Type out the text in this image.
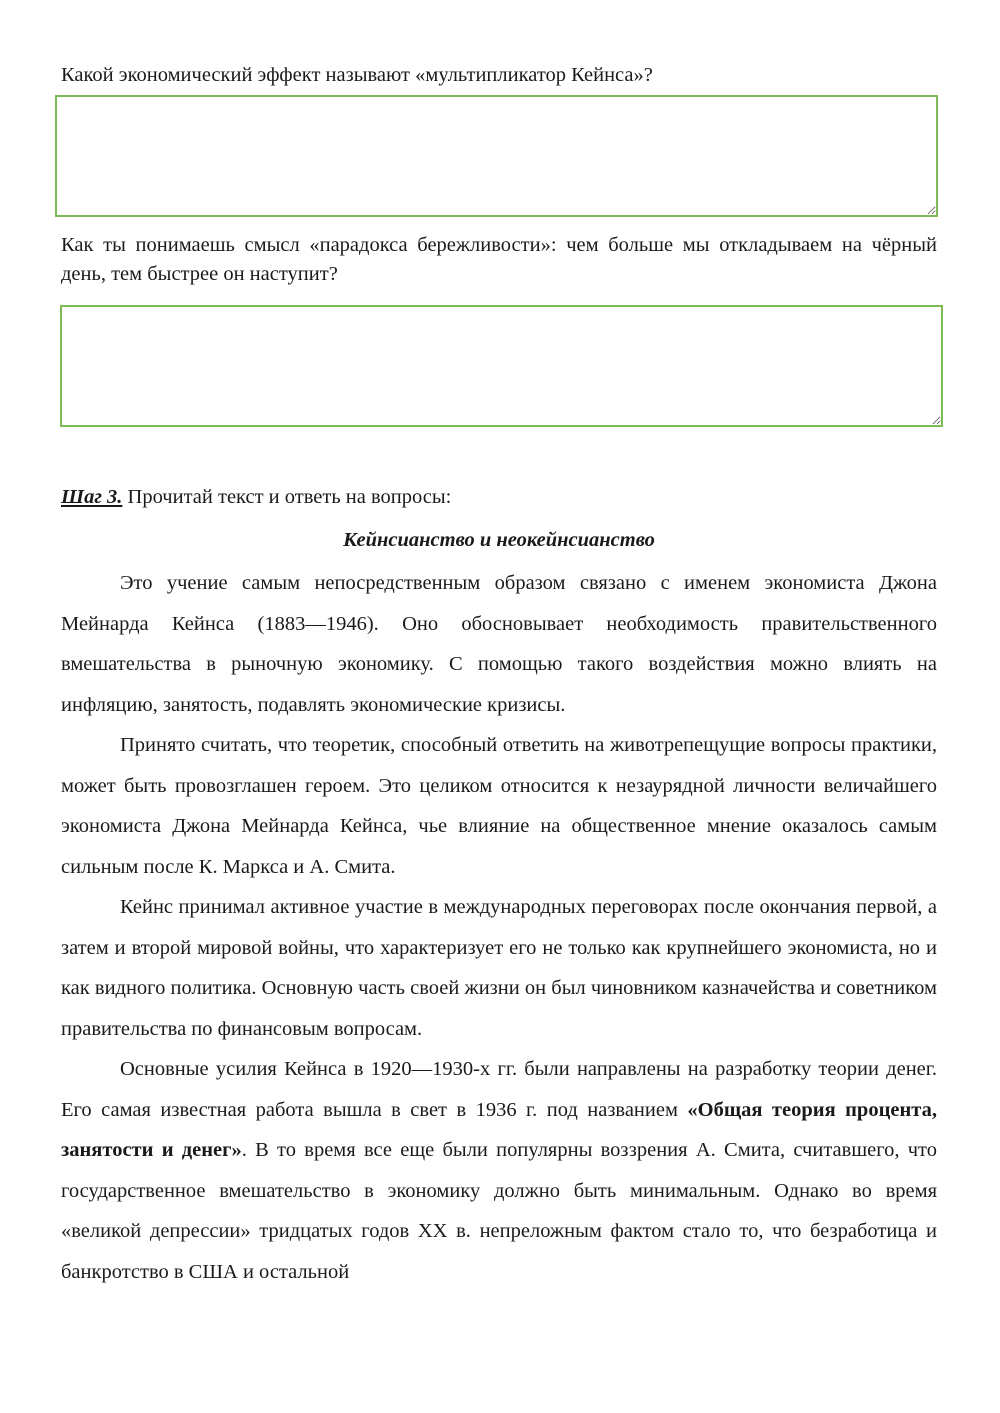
Какой экономический эффект называют «мультипликатор Кейнса»?

Как ты понимаешь смысл «парадокса бережливости»: чем больше мы откладываем на чёрный день, тем быстрее он наступит?

Шаг 3. Прочитай текст и ответь на вопросы:

Кейнсианство и неокейнсианство

Это учение самым непосредственным образом связано с именем экономиста Джона Мейнарда Кейнса (1883—1946). Оно обосновывает необходимость правительственного вмешательства в рыночную экономику. С помощью такого воздействия можно влиять на инфляцию, занятость, подавлять экономические кризисы.

Принято считать, что теоретик, способный ответить на животрепещущие вопросы практики, может быть провозглашен героем. Это целиком относится к незаурядной личности величайшего экономиста Джона Мейнарда Кейнса, чье влияние на общественное мнение оказалось самым сильным после К. Маркса и А. Смита.

Кейнс принимал активное участие в международных переговорах после окончания первой, а затем и второй мировой войны, что характеризует его не только как крупнейшего экономиста, но и как видного политика. Основную часть своей жизни он был чиновником казначейства и советником правительства по финансовым вопросам.

Основные усилия Кейнса в 1920—1930-х гг. были направлены на разработку теории денег. Его самая известная работа вышла в свет в 1936 г. под названием «Общая теория процента, занятости и денег». В то время все еще были популярны воззрения А. Смита, считавшего, что государственное вмешательство в экономику должно быть минимальным. Однако во время «великой депрессии» тридцатых годов XX в. непреложным фактом стало то, что безработица и банкротство в США и остальной
